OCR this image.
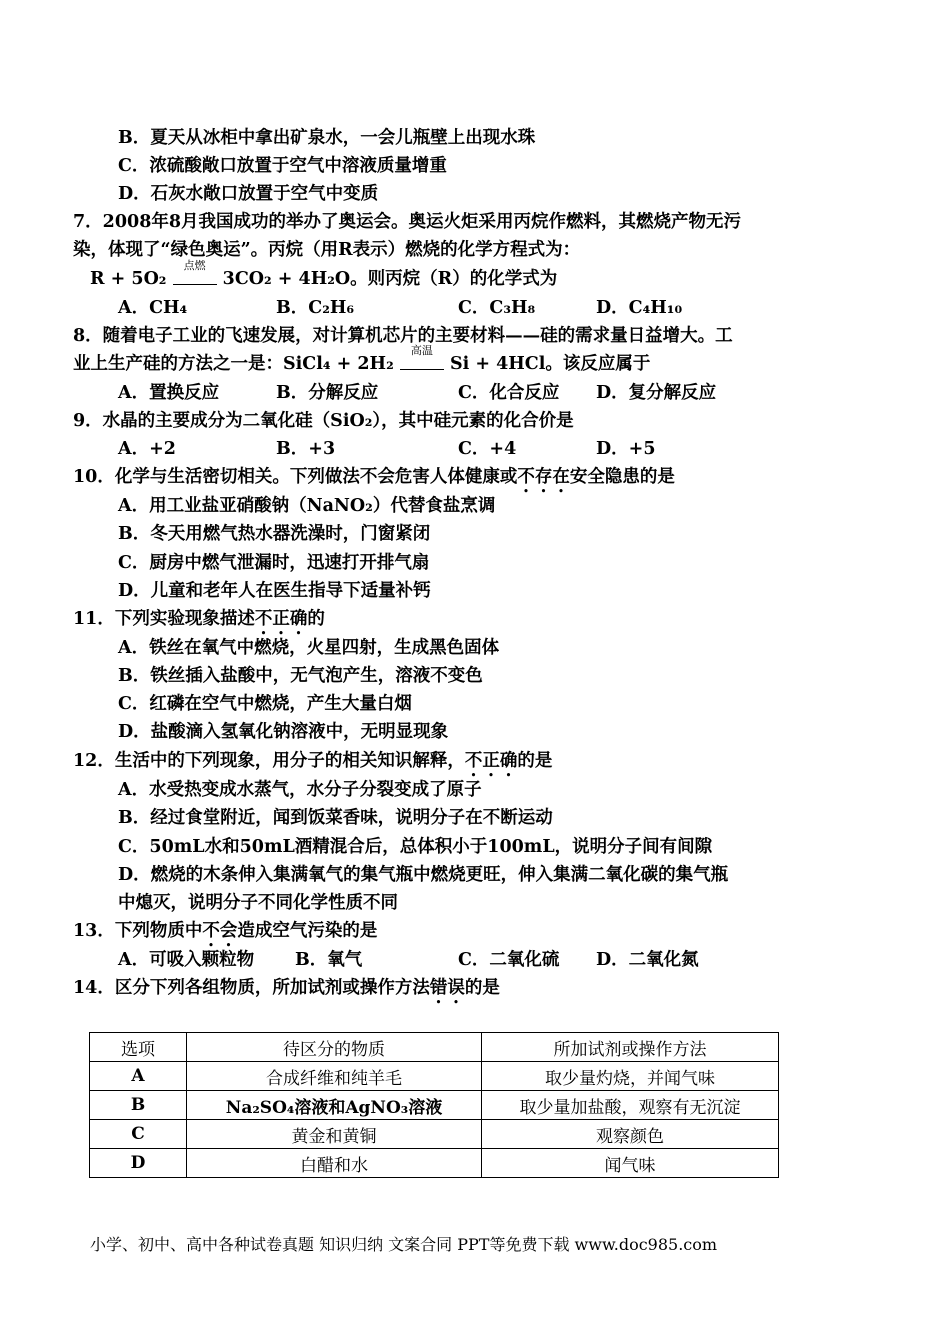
B．夏天从冰柜中拿出矿泉水，一会儿瓶壁上出现水珠
C．浓硫酸敞口放置于空气中溶液质量增重
D．石灰水敞口放置于空气中变质
7．2008年8月我国成功的举办了奥运会。奥运火炬采用丙烷作燃料，其燃烧产物无污
染，体现了“绿色奥运”。丙烷（用R表示）燃烧的化学方程式为：
R + 5O₂
点燃
3CO₂ + 4H₂O。则丙烷（R）的化学式为
A．CH₄	B．C₂H₆	C．C₃H₈	D．C₄H₁₀
8．随着电子工业的飞速发展，对计算机芯片的主要材料——硅的需求量日益增大。工
业上生产硅的方法之一是：SiCl₄ + 2H₂
高温
Si + 4HCl。该反应属于
A．置换反应	B．分解反应	C．化合反应 D．复分解反应
9．水晶的主要成分为二氧化硅（SiO₂），其中硅元素的化合价是
A．+2	B．+3	C．+4	D．+5
10．化学与生活密切相关。下列做法不会危害人体健康或不存在安全隐患的是
A．用工业盐亚硝酸钠（NaNO₂）代替食盐烹调
B．冬天用燃气热水器洗澡时，门窗紧闭
C．厨房中燃气泄漏时，迅速打开排气扇
D．儿童和老年人在医生指导下适量补钙
11．下列实验现象描述不正确的
A．铁丝在氧气中燃烧，火星四射，生成黑色固体
B．铁丝插入盐酸中，无气泡产生，溶液不变色
C．红磷在空气中燃烧，产生大量白烟
D．盐酸滴入氢氧化钠溶液中，无明显现象
12．生活中的下列现象，用分子的相关知识解释，不正确的是
A．水受热变成水蒸气，水分子分裂变成了原子
B．经过食堂附近，闻到饭菜香味，说明分子在不断运动
C．50mL水和50mL酒精混合后，总体积小于100mL，说明分子间有间隙
D．燃烧的木条伸入集满氧气的集气瓶中燃烧更旺，伸入集满二氧化碳的集气瓶
中熄灭，说明分子不同化学性质不同
13．下列物质中不会造成空气污染的是
A．可吸入颗粒物 B．氧气	C．二氧化硫 D．二氧化氮
14．区分下列各组物质，所加试剂或操作方法错误的是
选项	待区分的物质	所加试剂或操作方法
A	合成纤维和纯羊毛	取少量灼烧，并闻气味
B	Na₂SO₄溶液和AgNO₃溶液	取少量加盐酸，观察有无沉淀
C	黄金和黄铜	观察颜色
D	白醋和水	闻气味
小学、初中、高中各种试卷真题 知识归纳 文案合同 PPT等免费下载 www.doc985.com
